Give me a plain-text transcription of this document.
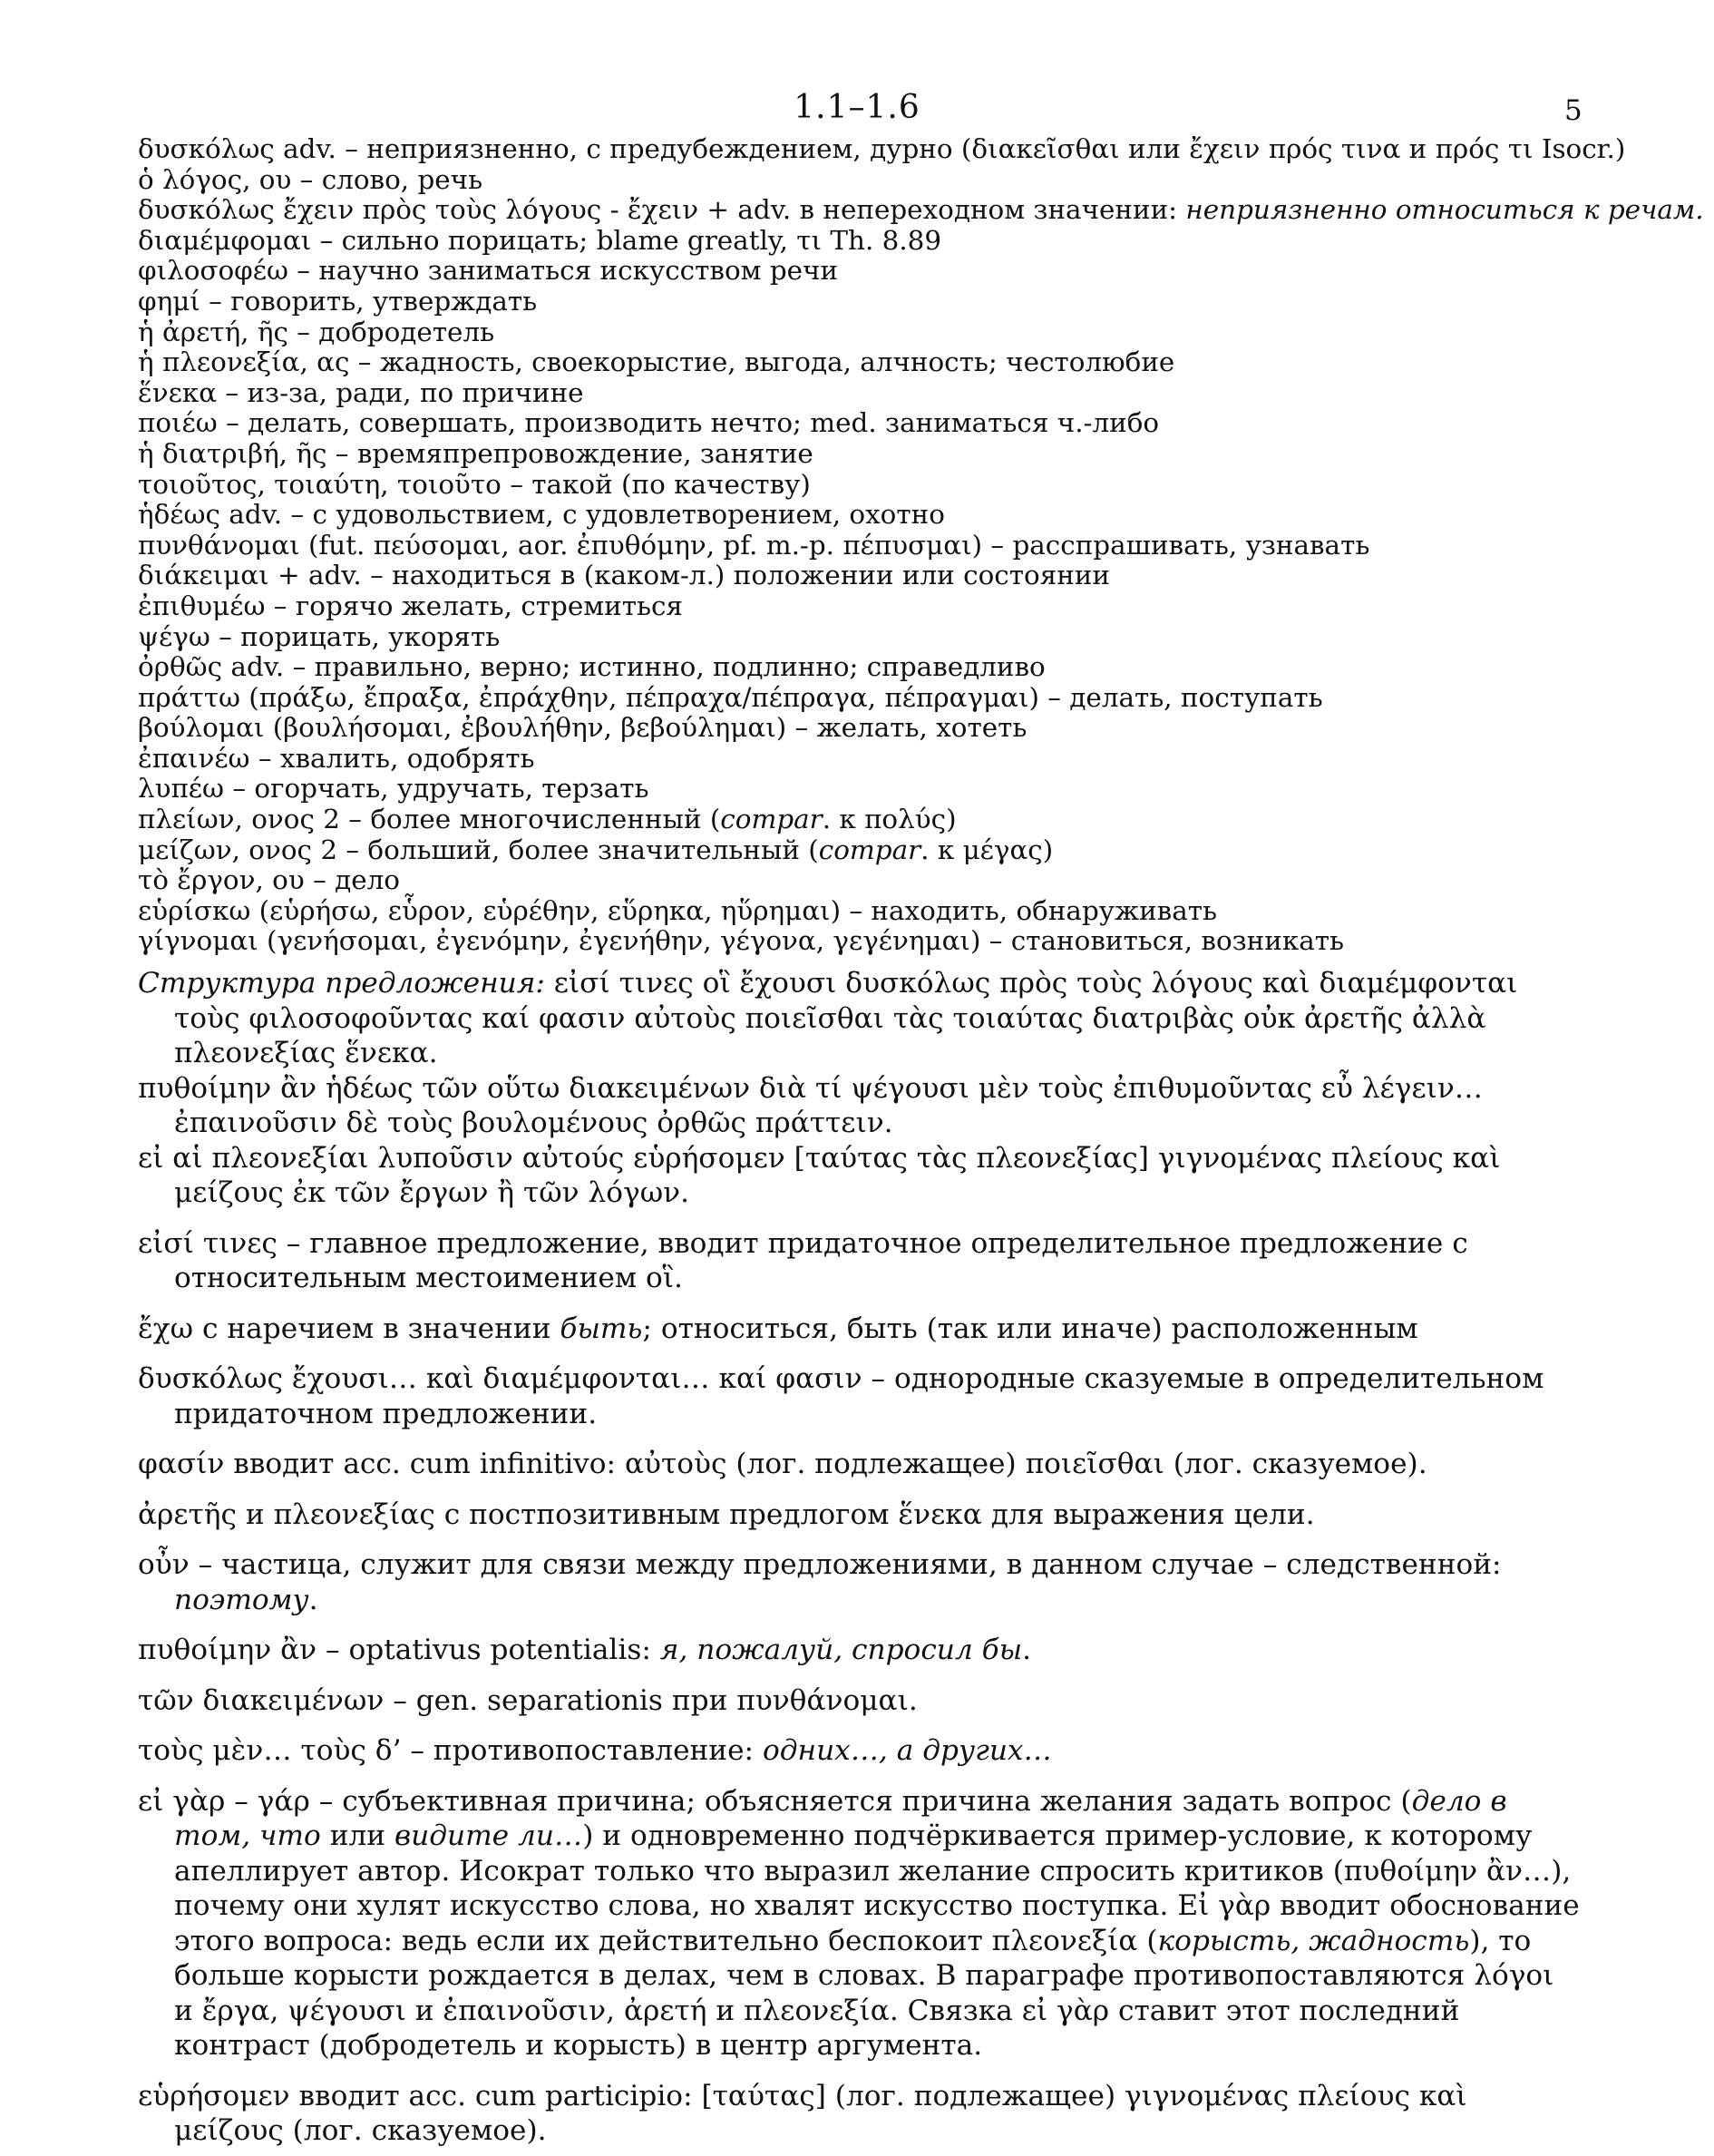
1.1–1.6	5
δυσκόλως adv. – неприязненно, с предубеждением, дурно (διακεῖσθαι или ἔχειν πρός τινα и πρός τι Isocr.)
ὁ λόγος, ου – слово, речь
δυσκόλως ἔχειν πρὸς τοὺς λόγους - ἔχειν + adv. в непереходном значении: неприязненно относиться к речам.
διαμέμφομαι – сильно порицать; blame greatly, τι Th. 8.89
φιλοσοφέω – научно заниматься искусством речи
φημί – говорить, утверждать
ἡ ἀρετή, ῆς – добродетель
ἡ πλεονεξία, ας – жадность, своекорыстие, выгода, алчность; честолюбие
ἕνεκα – из-за, ради, по причине
ποιέω – делать, совершать, производить нечто; med. заниматься ч.-либо
ἡ διατριβή, ῆς – времяпрепровождение, занятие
τοιοῦτος, τοιαύτη, τοιοῦτο – такой (по качеству)
ἡδέως adv. – с удовольствием, с удовлетворением, охотно
πυνθάνομαι (fut. πεύσομαι, aor. ἐπυθόμην, pf. m.-p. πέπυσμαι) – расспрашивать, узнавать
διάκειμαι + adv. – находиться в (каком-л.) положении или состоянии
ἐπιθυμέω – горячо желать, стремиться
ψέγω – порицать, укорять
ὀρθῶς adv. – правильно, верно; истинно, подлинно; справедливо
πράττω (πράξω, ἔπραξα, ἐπράχθην, πέπραχα/πέπραγα, πέπραγμαι) – делать, поступать
βούλομαι (βουλήσομαι, ἐβουλήθην, βεβούλημαι) – желать, хотеть
ἐπαινέω – хвалить, одобрять
λυπέω – огорчать, удручать, терзать
πλείων, ονος 2 – более многочисленный (compar. к πολύς)
μείζων, ονος 2 – больший, более значительный (compar. к μέγας)
τὸ ἔργον, ου – дело
εὑρίσκω (εὑρήσω, εὗρον, εὑρέθην, εὕρηκα, ηὕρημαι) – находить, обнаруживать
γίγνομαι (γενήσομαι, ἐγενόμην, ἐγενήθην, γέγονα, γεγένημαι) – становиться, возникать

Структура предложения: εἰσί τινες οἳ ἔχουσι δυσκόλως πρὸς τοὺς λόγους καὶ διαμέμφονται τοὺς φιλοσοφοῦντας καί φασιν αὐτοὺς ποιεῖσθαι τὰς τοιαύτας διατριβὰς οὐκ ἀρετῆς ἀλλὰ πλεονεξίας ἕνεκα.

πυθοίμην ἂν ἡδέως τῶν οὕτω διακειμένων διὰ τί ψέγουσι μὲν τοὺς ἐπιθυμοῦντας εὖ λέγειν… ἐπαινοῦσιν δὲ τοὺς βουλομένους ὀρθῶς πράττειν.

εἰ αἱ πλεονεξίαι λυποῦσιν αὐτούς εὑρήσομεν [ταύτας τὰς πλεονεξίας] γιγνομένας πλείους καὶ μείζους ἐκ τῶν ἔργων ἢ τῶν λόγων.

εἰσί τινες – главное предложение, вводит придаточное определительное предложение с относительным местоимением οἳ.

ἔχω с наречием в значении быть; относиться, быть (так или иначе) расположенным

δυσκόλως ἔχουσι… καὶ διαμέμφονται… καί φασιν – однородные сказуемые в определительном придаточном предложении.

φασίν вводит acc. cum infinitivo: αὐτοὺς (лог. подлежащее) ποιεῖσθαι (лог. сказуемое).

ἀρετῆς и πλεονεξίας с постпозитивным предлогом ἕνεκα для выражения цели.

οὖν – частица, служит для связи между предложениями, в данном случае – следственной: поэтому.

πυθοίμην ἂν – optativus potentialis: я, пожалуй, спросил бы.

τῶν διακειμένων – gen. separationis при πυνθάνομαι.

τοὺς μὲν… τοὺς δ’ – противопоставление: одних…, а других…

εἰ γὰρ – γάρ – субъективная причина; объясняется причина желания задать вопрос (дело в том, что или видите ли…) и одновременно подчёркивается пример-условие, к которому апеллирует автор. Исократ только что выразил желание спросить критиков (πυθοίμην ἂν…), почему они хулят искусство слова, но хвалят искусство поступка. Εἰ γὰρ вводит обоснование этого вопроса: ведь если их действительно беспокоит πλεονεξία (корысть, жадность), то больше корысти рождается в делах, чем в словах. В параграфе противопоставляются λόγοι и ἔργα, ψέγουσι и ἐπαινοῦσιν, ἀρετή и πλεονεξία. Связка εἰ γὰρ ставит этот последний контраст (добродетель и корысть) в центр аргумента.

εὑρήσομεν вводит acc. cum participio: [ταύτας] (лог. подлежащее) γιγνομένας πλείους καὶ μείζους (лог. сказуемое).
